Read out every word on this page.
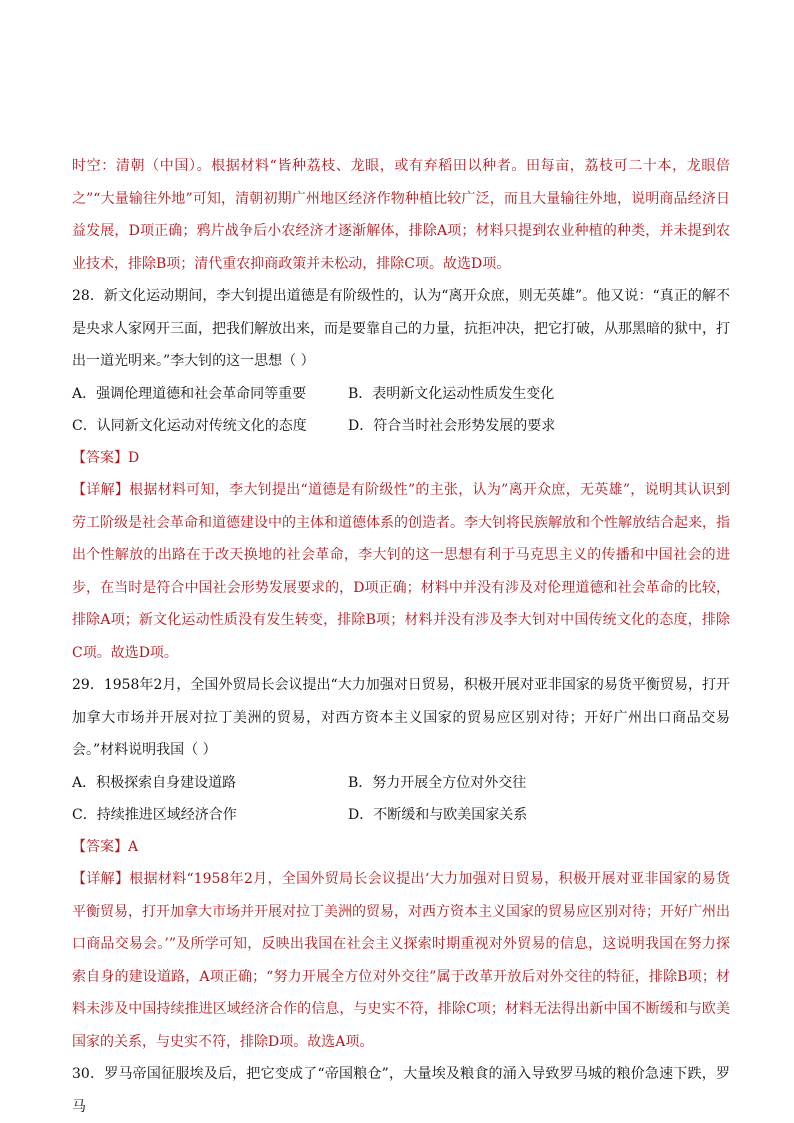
时空：清朝（中国）。根据材料“皆种荔枝、龙眼，或有弃稻田以种者。田每亩，荔枝可二十本，龙眼倍之”“大量输往外地”可知，清朝初期广州地区经济作物种植比较广泛，而且大量输往外地，说明商品经济日益发展，D项正确；鸦片战争后小农经济才逐渐解体，排除A项；材料只提到农业种植的种类，并未提到农业技术，排除B项；清代重农抑商政策并未松动，排除C项。故选D项。

28．新文化运动期间，李大钊提出道德是有阶级性的，认为“离开众庶，则无英雄”。他又说：“真正的解不是央求人家网开三面，把我们解放出来，而是要靠自己的力量，抗拒冲决，把它打破，从那黑暗的狱中，打出一道光明来。”李大钊的这一思想（ ）

A．强调伦理道德和社会革命同等重要	B．表明新文化运动性质发生变化
C．认同新文化运动对传统文化的态度	D．符合当时社会形势发展的要求

【答案】D

【详解】根据材料可知，李大钊提出“道德是有阶级性”的主张，认为”离开众庶，无英雄”，说明其认识到劳工阶级是社会革命和道德建设中的主体和道德体系的创造者。李大钊将民族解放和个性解放结合起来，指出个性解放的出路在于改天换地的社会革命，李大钊的这一思想有利于马克思主义的传播和中国社会的进步，在当时是符合中国社会形势发展要求的，D项正确；材料中并没有涉及对伦理道德和社会革命的比较，排除A项；新文化运动性质没有发生转变，排除B项；材料并没有涉及李大钊对中国传统文化的态度，排除C项。故选D项。

29．1958年2月，全国外贸局长会议提出“大力加强对日贸易，积极开展对亚非国家的易货平衡贸易，打开加拿大市场并开展对拉丁美洲的贸易，对西方资本主义国家的贸易应区别对待；开好广州出口商品交易会。”材料说明我国（ ）

A．积极探索自身建设道路	B．努力开展全方位对外交往
C．持续推进区域经济合作	D．不断缓和与欧美国家关系

【答案】A

【详解】根据材料“1958年2月，全国外贸局长会议提出‘大力加强对日贸易，积极开展对亚非国家的易货平衡贸易，打开加拿大市场并开展对拉丁美洲的贸易，对西方资本主义国家的贸易应区别对待；开好广州出口商品交易会。’”及所学可知，反映出我国在社会主义探索时期重视对外贸易的信息，这说明我国在努力探索自身的建设道路，A项正确；“努力开展全方位对外交往”属于改革开放后对外交往的特征，排除B项；材料未涉及中国持续推进区域经济合作的信息，与史实不符，排除C项；材料无法得出新中国不断缓和与欧美国家的关系，与史实不符，排除D项。故选A项。

30．罗马帝国征服埃及后，把它变成了“帝国粮仓”，大量埃及粮食的涌入导致罗马城的粮价急速下跌，罗马
